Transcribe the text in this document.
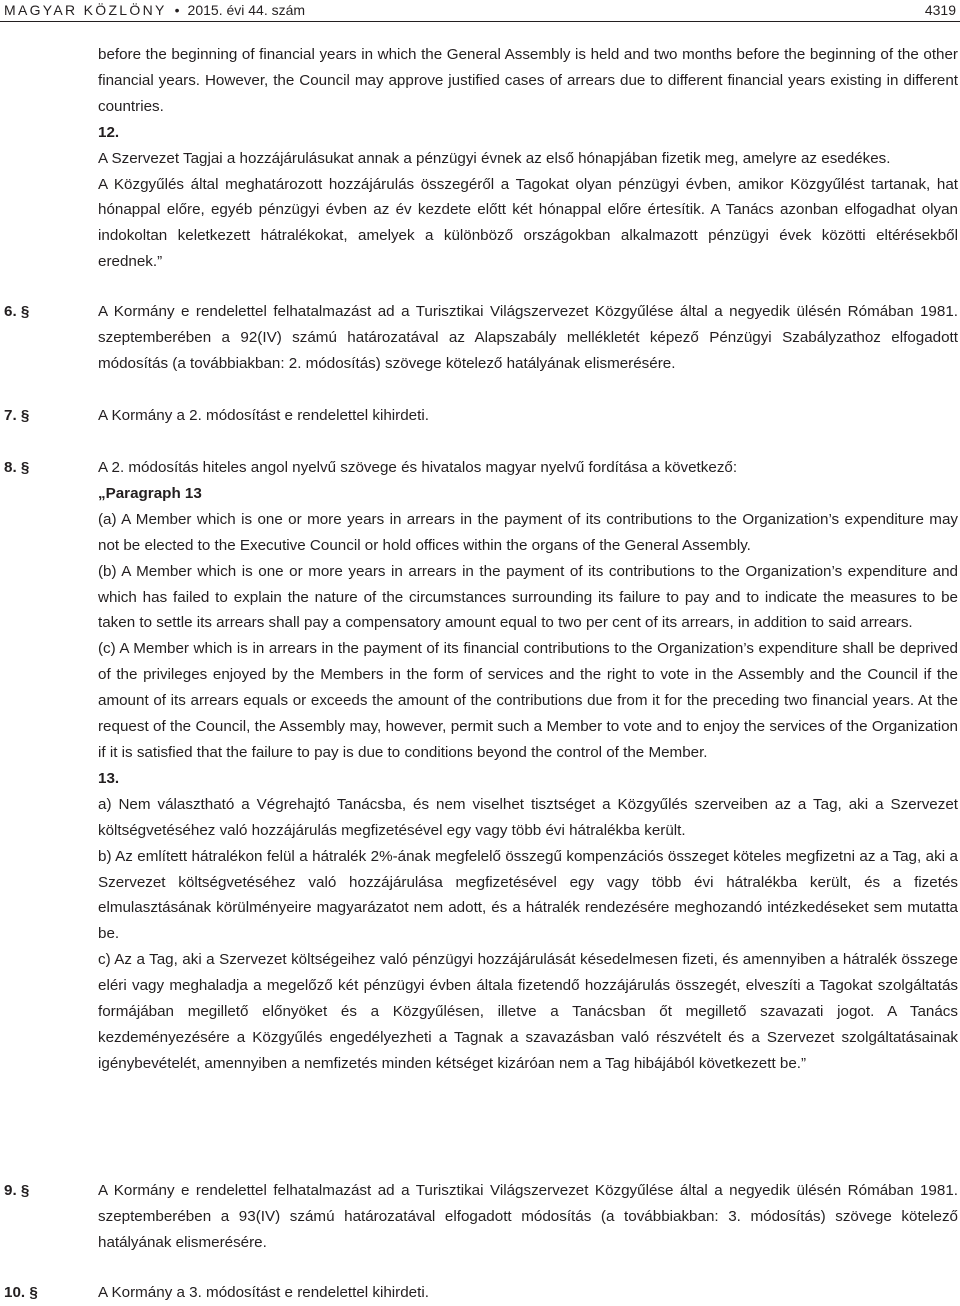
MAGYAR KÖZLÖNY • 2015. évi 44. szám	4319

before the beginning of financial years in which the General Assembly is held and two months before the beginning of the other financial years. However, the Council may approve justified cases of arrears due to different financial years existing in different countries.

12.

A Szervezet Tagjai a hozzájárulásukat annak a pénzügyi évnek az első hónapjában fizetik meg, amelyre az esedékes.

A Közgyűlés által meghatározott hozzájárulás összegéről a Tagokat olyan pénzügyi évben, amikor Közgyűlést tartanak, hat hónappal előre, egyéb pénzügyi évben az év kezdete előtt két hónappal előre értesítik. A Tanács azonban elfogadhat olyan indokoltan keletkezett hátralékokat, amelyek a különböző országokban alkalmazott pénzügyi évek közötti eltérésekből erednek.”

6. §	A Kormány e rendelettel felhatalmazást ad a Turisztikai Világszervezet Közgyűlése által a negyedik ülésén Rómában 1981. szeptemberében a 92(IV) számú határozatával az Alapszabály mellékletét képező Pénzügyi Szabályzathoz elfogadott módosítás (a továbbiakban: 2. módosítás) szövege kötelező hatályának elismerésére.

7. §	A Kormány a 2. módosítást e rendelettel kihirdeti.

8. §	A 2. módosítás hiteles angol nyelvű szövege és hivatalos magyar nyelvű fordítása a következő:

„Paragraph 13

(a) A Member which is one or more years in arrears in the payment of its contributions to the Organization’s expenditure may not be elected to the Executive Council or hold offices within the organs of the General Assembly.

(b) A Member which is one or more years in arrears in the payment of its contributions to the Organization’s expenditure and which has failed to explain the nature of the circumstances surrounding its failure to pay and to indicate the measures to be taken to settle its arrears shall pay a compensatory amount equal to two per cent of its arrears, in addition to said arrears.

(c) A Member which is in arrears in the payment of its financial contributions to the Organization’s expenditure shall be deprived of the privileges enjoyed by the Members in the form of services and the right to vote in the Assembly and the Council if the amount of its arrears equals or exceeds the amount of the contributions due from it for the preceding two financial years. At the request of the Council, the Assembly may, however, permit such a Member to vote and to enjoy the services of the Organization if it is satisfied that the failure to pay is due to conditions beyond the control of the Member.

13.

a) Nem választható a Végrehajtó Tanácsba, és nem viselhet tisztséget a Közgyűlés szerveiben az a Tag, aki a Szervezet költségvetéséhez való hozzájárulás megfizetésével egy vagy több évi hátralékba került.

b) Az említett hátralékon felül a hátralék 2%-ának megfelelő összegű kompenzációs összeget köteles megfizetni az a Tag, aki a Szervezet költségvetéséhez való hozzájárulása megfizetésével egy vagy több évi hátralékba került, és a fizetés elmulasztásának körülményeire magyarázatot nem adott, és a hátralék rendezésére meghozandó intézkedéseket sem mutatta be.

c) Az a Tag, aki a Szervezet költségeihez való pénzügyi hozzájárulását késedelmesen fizeti, és amennyiben a hátralék összege eléri vagy meghaladja a megelőző két pénzügyi évben általa fizetendő hozzájárulás összegét, elveszíti a Tagokat szolgáltatás formájában megillető előnyöket és a Közgyűlésen, illetve a Tanácsban őt megillető szavazati jogot. A Tanács kezdeményezésére a Közgyűlés engedélyezheti a Tagnak a szavazásban való részvételt és a Szervezet szolgáltatásainak igénybevételét, amennyiben a nemfizetés minden kétséget kizáróan nem a Tag hibájából következett be.”

9. §	A Kormány e rendelettel felhatalmazást ad a Turisztikai Világszervezet Közgyűlése által a negyedik ülésén Rómában 1981. szeptemberében a 93(IV) számú határozatával elfogadott módosítás (a továbbiakban: 3. módosítás) szövege kötelező hatályának elismerésére.

10. §	A Kormány a 3. módosítást e rendelettel kihirdeti.
